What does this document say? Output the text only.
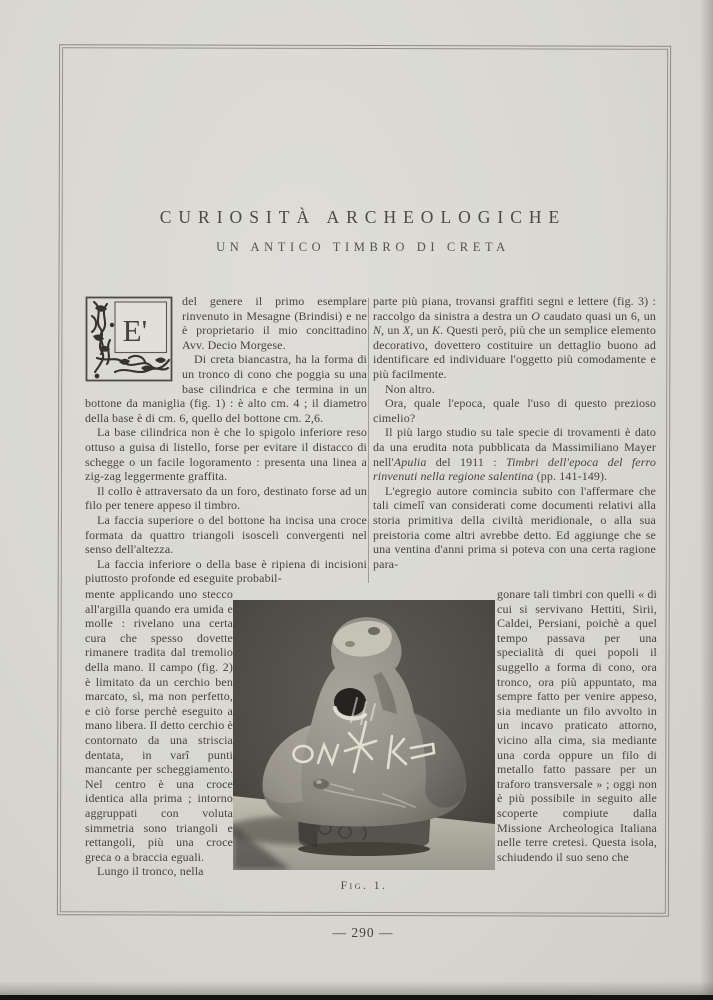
CURIOSITÀ ARCHEOLOGICHE
UN ANTICO TIMBRO DI CRETA
E'

del genere il primo esemplare rinvenuto in Mesagne (Brindisi) e ne è proprietario il mio concittadino Avv. Decio Morgese.

Di creta biancastra, ha la forma di un tronco di cono che poggia su una base cilindrica e che termina in un bottone da maniglia (fig. 1) : è alto cm. 4 ; il diametro della base è di cm. 6, quello del bottone cm. 2,6.

La base cilindrica non è che lo spigolo inferiore reso ottuso a guisa di listello, forse per evitare il distacco di schegge o un facile logoramento : presenta una linea a zig-zag leggermente graffita.

Il collo è attraversato da un foro, destinato forse ad un filo per tenere appeso il timbro.

La faccia superiore o del bottone ha incisa una croce formata da quattro triangoli isosceli convergenti nel senso dell'altezza.

La faccia inferiore o della base è ripiena di incisioni piuttosto profonde ed eseguite probabil-

mente applicando uno stecco all'argilla quando era umida e molle : rivelano una certa cura che spesso dovette rimanere tradita dal tremolio della mano. Il campo (fig. 2) è limitato da un cerchio ben marcato, sì, ma non perfetto, e ciò forse perchè eseguito a mano libera. Il detto cerchio è contornato da una striscia dentata, in varî punti mancante per scheggiamento. Nel centro è una croce identica alla prima ; intorno aggruppati con voluta simmetria sono triangoli e rettangoli, più una croce greca o a braccia eguali.

Lungo il tronco, nella

parte più piana, trovansi graffiti segni e lettere (fig. 3) : raccolgo da sinistra a destra un O caudato quasi un 6, un N, un X, un K. Questi però, più che un semplice elemento decorativo, dovettero costituire un dettaglio buono ad identificare ed individuare l'oggetto più comodamente e più facilmente.

Non altro.

Ora, quale l'epoca, quale l'uso di questo prezioso cimelio?

Il più largo studio su tale specie di trovamenti è dato da una erudita nota pubblicata da Massimiliano Mayer nell'Apulia del 1911 : Timbri dell'epoca del ferro rinvenuti nella regione salentina (pp. 141-149).

L'egregio autore comincia subito con l'affermare che tali cimelî van considerati come documenti relativi alla storia primitiva della civiltà meridionale, o alla sua preistoria come altri avrebbe detto. Ed aggiunge che se una ventina d'anni prima si poteva con una certa ragione para-

gonare tali timbri con quelli « di cui si servivano Hettiti, Sirii, Caldei, Persiani, poichè a quel tempo passava per una specialità di quei popoli il suggello a forma di cono, ora tronco, ora più appuntato, ma sempre fatto per venire appeso, sia mediante un filo avvolto in un incavo praticato attorno, vicino alla cima, sia mediante una corda oppure un filo di metallo fatto passare per un traforo transversale » ; oggi non è più possibile in seguito alle scoperte compiute dalla Missione Archeologica Italiana nelle terre cretesi. Questa isola, schiudendo il suo seno che

Fig. 1.
— 290 —
